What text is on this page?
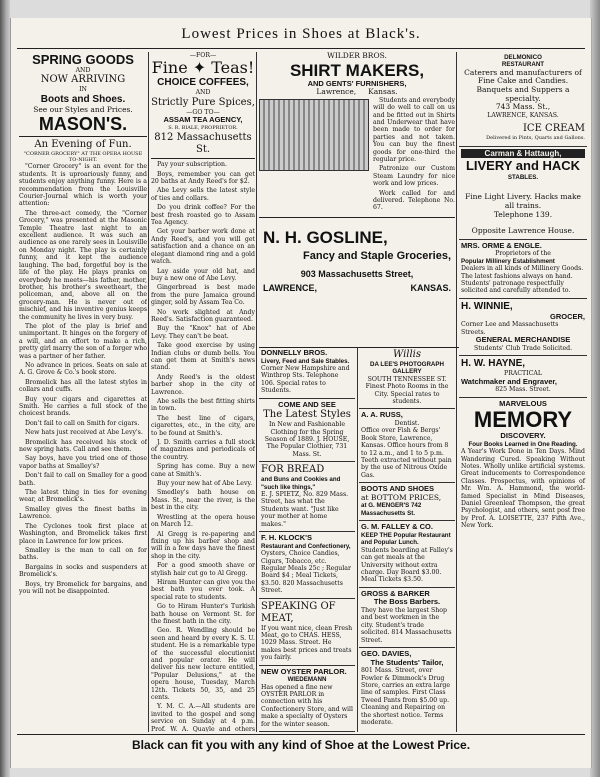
Lowest Prices in Shoes at Black's.
SPRING GOODS
AND
NOW ARRIVING
IN
Boots and Shoes.
See our Styles and Prices.
MASON'S.
An Evening of Fun.
"CORNER GROCERY" AT THE OPERA HOUSE TO-NIGHT.

"Corner Grocery" is an event for the students. It is uproariously funny, and students enjoy anything funny. Here is a recommendation from the Louisville Courier-Journal which is worth your attention:

The three-act comedy, the "Corner Grocery," was presented at the Masonic Temple Theatre last night to an excellent audience. It was such an audience as one rarely sees in Louisville on Monday night. The play is certainly funny, and it kept the audience laughing. The bad, forgetful boy is the life of the play. He plays pranks on everybody he meets—his father, mother, brother, his brother's sweetheart, the policeman, and, above all on the grocery-man. He is never out of mischief, and his inventive genius keeps the community he lives in very busy.

The plot of the play is brief and unimportant. It hinges on the forgery of a will, and an effort to make a rich, pretty girl marry the son of a forger who was a partner of her father.

No advance in prices. Seats on sale at A. G. Grove & Co.'s book store.

Bromelick has all the latest styles in collars and cuffs.

Buy your cigars and cigarettes at Smith. He carries a full stock of the choicest brands.

Don't fail to call on Smith for cigars.

New hats just received at Abe Levy's.

Bromelick has received his stock of new spring hats. Call and see them.

Say boys, have you tried one of those vapor baths at Smalley's?

Don't fail to call on Smalley for a good bath.

The latest thing in ties for evening wear, at Bromelick's.

Smalley gives the finest baths in Lawrence.

The Cyclones took first place at Washington, and Bromelick takes first place in Lawrence for low prices.

Smalley is the man to call on for baths.

Bargains in socks and suspenders at Bromelick's.

Boys, try Bromelick for bargains, and you will not be disappointed.

—FOR—
Fine ✦ Teas!
CHOICE COFFEES,
AND
Strictly Pure Spices,
—GO TO—
ASSAM TEA AGENCY,
S. R. BIALE, PROPRIETOR.
812 Massachusetts St.

Pay your subscription.

Boys, remember you can get 20 baths at Andy Reed's for $2.

Abe Levy sells the latest style of ties and collars.

Do you drink coffee? For the best fresh roasted go to Assam Tea Agency.

Get your barber work done at Andy Reed's, and you will get satisfaction and a chance on an elegant diamond ring and a gold watch.

Lay aside your old hat, and buy a new one of Abe Levy.

Gingerbread is best made from the pure Jamaica ground ginger, sold by Assam Tea Co.

No work slighted at Andy Reed's. Satisfaction guaranteed.

Buy the "Knox" hat of Abe Levy. They can't be beat.

Take good exercise by using Indian clubs or dumb bells. You can get them at Smith's news stand.

Andy Reed's is the oldest barber shop in the city of Lawrence.

Abe sells the best fitting shirts in town.

The best line of cigars, cigarettes, etc., in the city, are to be found at Smith's.

J. D. Smith carries a full stock of magazines and periodicals of the country.

Spring has come. Buy a new cane at Smith's.

Buy your new hat of Abe Levy.

Smedley's bath house on Mass. St., near the river, is the best in the city.

Wrestling at the opera house on March 12.

Al Gregg is re-papering and fixing up his barber shop and will in a few days have the finest shop in the city.

For a good smooth shave or stylish hair cut go to Al Gregg.

Hiram Hunter can give you the best bath you ever took. A special rate to students.

Go to Hiram Hunter's Turkish bath house on Vermont St. for the finest bath in the city.

Geo. R. Wendling should be seen and heard by every K. S. U. student. He is a remarkable type of the successful elocutionist and popular orator. He will deliver his new lecture entitled, "Popular Delusions," at the opera house, Tuesday, March 12th. Tickets 50, 35, and 25 cents.

Y. M. C. A.—All students are invited to the gospel and song service on Sunday at 4 p.m. Prof. W. A. Quayle and others

WILDER BROS.
SHIRT MAKERS,
AND GENTS' FURNISHERS,
Lawrence, Kansas.

Students and everybody will do well to call on us and be fitted out in Shirts and Underwear that have been made to order for parties and not taken. You can buy the finest goods for one-third the regular price.

Patronize our Custom Steam Laundry for nice work and low prices.

Work called for and delivered. Telephone No. 67.

N. H. GOSLINE,
Fancy and Staple Groceries,
903 Massachusetts Street,
LAWRENCE,	KANSAS.
DONNELLY BROS.
Livery, Feed and Sale Stables.
Corner New Hampshire and Winthrop Sts. Telephone 106. Special rates to Students.
COME AND SEE
The Latest Styles
In New and Fashionable Clothing for the Spring Season of 1889. J. HOUSE, The Popular Clothier, 731 Mass. St.
FOR BREAD
and Buns and Cookies and "such like things,"
E. J. SPIETZ, No. 829 Mass. Street, has what the Students want. "Just like your mother at home makes."
F. H. KLOCK'S
Restaurant and Confectionery,
Oysters, Choice Candies, Cigars, Tobacco, etc. Regular Meals 25c ; Regular Board $4 ; Meal Tickets, $3.50. 820 Massachusetts Street.
SPEAKING OF MEAT,
If you want nice, clean Fresh Meat, go to CHAS. HESS, 1029 Mass. Street. He makes best prices and treats you fairly.
NEW OYSTER PARLOR.
WIEDEMANN
Has opened a fine new OYSTER PARLOR in connection with his Confectionery Store, and will make a specialty of Oysters for the winter season.
Willis
DA LEE'S PHOTOGRAPH GALLERY
SOUTH TENNESSEE ST. Finest Photo Rooms in the City. Special rates to students.
A. A. RUSS,
Dentist.
Office over Fish & Bergs' Book Store, Lawrence, Kansas. Office hours from 8 to 12 a.m., and 1 to 5 p.m. Teeth extracted without pain by the use of Nitrous Oxide Gas.
BOOTS AND SHOES
at BOTTOM PRICES,
at G. MENGER'S 742 Massachusetts St.
G. M. FALLEY & CO.
KEEP THE Popular Restaurant and Popular Lunch.
Students boarding at Falley's can get meals at the University without extra charge. Day Board $3.00. Meal Tickets $3.50.
GROSS & BARKER
The Boss Barbers.
They have the largest Shop and best workmen in the city. Student's trade solicited. 814 Massachusetts Street.
GEO. DAVIES,
The Students' Tailor,
801 Mass. Street, over Fowler & Dimmock's Drug Store, carries an extra large line of samples. First Class Tweed Pants from $5.00 up. Cleaning and Repairing on the shortest notice. Terms moderate.
DELMONICO
RESTAURANT
Caterers and manufacturers of Fine Cake and Candies.
Banquets and Suppers a specialty.
743 Mass. St.,
LAWRENCE, KANSAS.
ICE CREAM
Delivered in Pints, Quarts and Gallons.
Carman & Hattaugh,
LIVERY and HACK
STABLES.
Fine Light Livery. Hacks make all trains.
Telephone 139.
Opposite Lawrence House.
MRS. ORME & ENGLE.
Proprietors of the
Popular Millinery Establishment
Dealers in all kinds of Millinery Goods. The latest fashions always on hand. Students' patronage respectfully solicited and carefully attended to.
H. WINNIE,
GROCER,
Corner Lee and Massachusetts Streets.
GENERAL MERCHANDISE
Students' Club Trade Solicited.
H. W. HAYNE,
PRACTICAL
Watchmaker and Engraver,
825 Mass. Street.
MARVELOUS
MEMORY
DISCOVERY.
Four Books Learned in One Reading.
A Year's Work Done in Ten Days. Mind Wandering Cured. Speaking Without Notes. Wholly unlike artificial systems. Great inducements to Correspondence Classes. Prospectus, with opinions of Mr. Wm. A. Hammond, the world-famed Specialist in Mind Diseases, Daniel Greenleaf Thompson, the great Psychologist, and others, sent post free by Prof. A. LOISETTE, 237 Fifth Ave., New York.
Black can fit you with any kind of Shoe at the Lowest Price.
